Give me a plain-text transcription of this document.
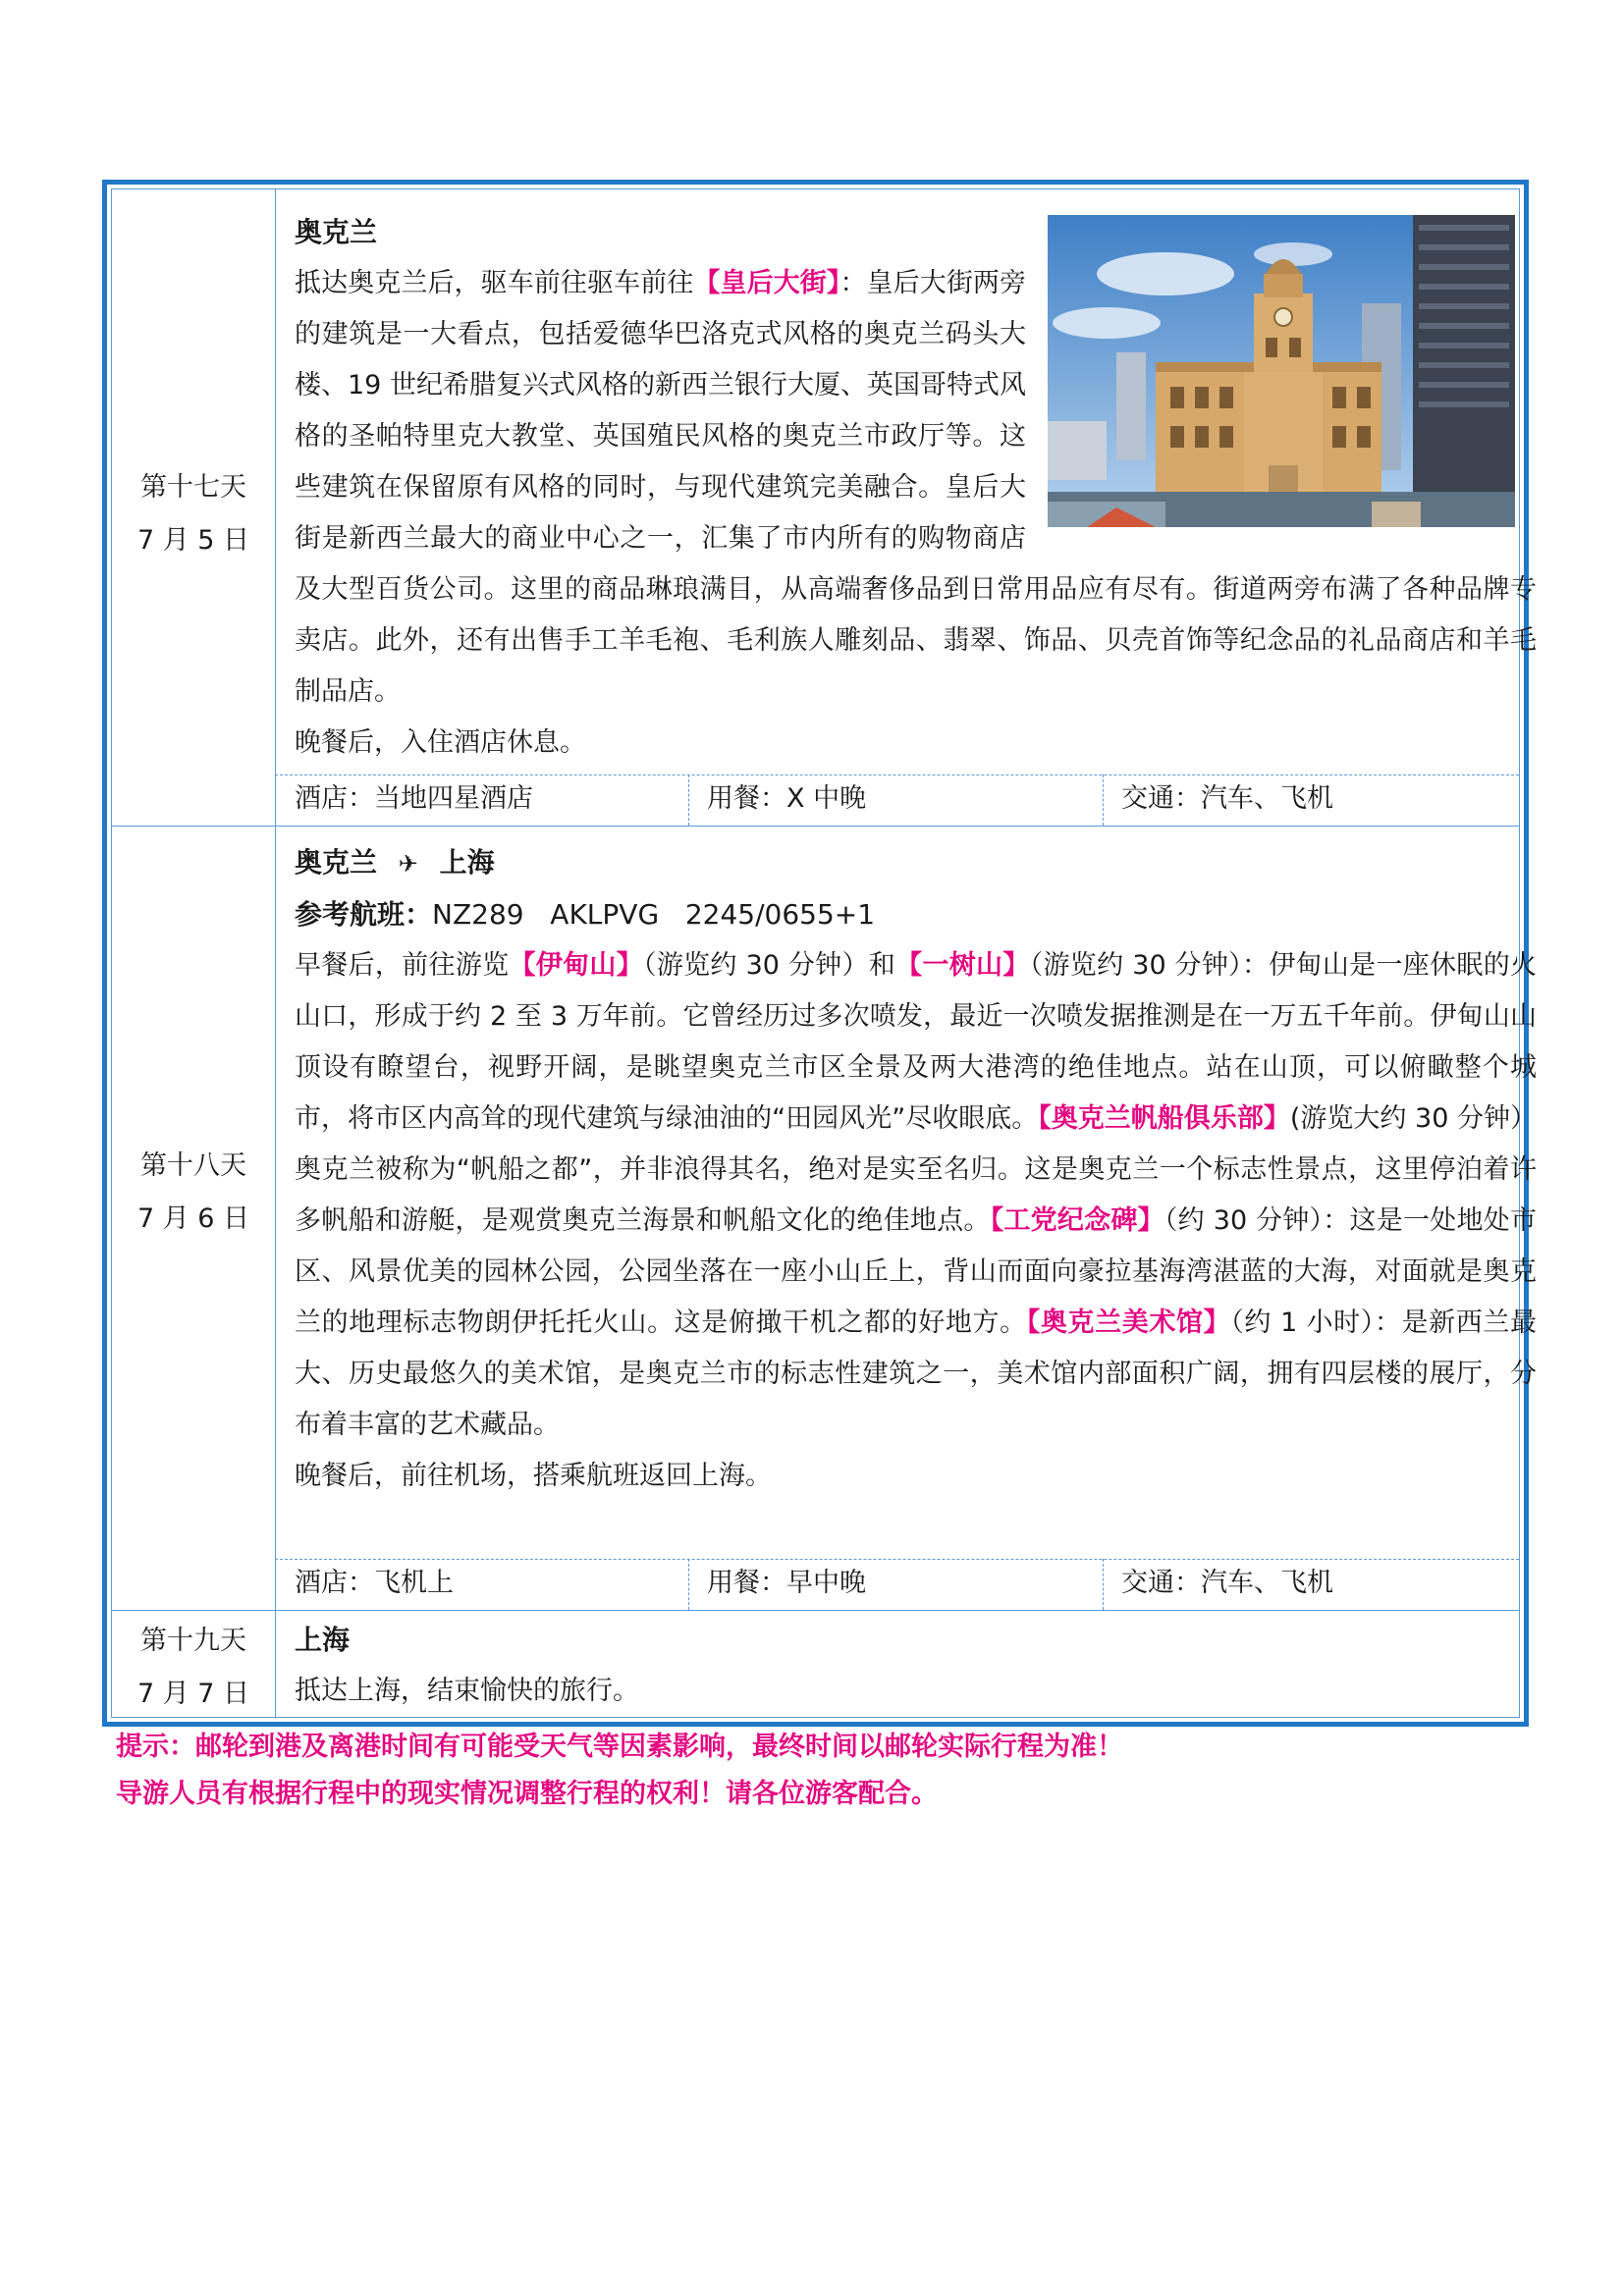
第十七天
7 月 5 日
奥克兰
抵达奥克兰后，驱车前往驱车前往【皇后大街】：皇后大街两旁的建筑是一大看点，包括爱德华巴洛克式风格的奥克兰码头大楼、19 世纪希腊复兴式风格的新西兰银行大厦、英国哥特式风格的圣帕特里克大教堂、英国殖民风格的奥克兰市政厅等。这些建筑在保留原有风格的同时，与现代建筑完美融合。皇后大街是新西兰最大的商业中心之一，汇集了市内所有的购物商店及大型百货公司。这里的商品琳琅满目，从高端奢侈品到日常用品应有尽有。街道两旁布满了各种品牌专卖店。此外，还有出售手工羊毛袍、毛利族人雕刻品、翡翠、饰品、贝壳首饰等纪念品的礼品商店和羊毛制品店。
晚餐后，入住酒店休息。
酒店：当地四星酒店	用餐：X 中晚	交通：汽车、飞机
第十八天
7 月 6 日
奥克兰 ✈ 上海
参考航班：NZ289   AKLPVG   2245/0655+1
早餐后，前往游览【伊甸山】（游览约 30 分钟）和【一树山】（游览约 30 分钟）：伊甸山是一座休眠的火山口，形成于约 2 至 3 万年前。它曾经历过多次喷发，最近一次喷发据推测是在一万五千年前。伊甸山山顶设有瞭望台，视野开阔，是眺望奥克兰市区全景及两大港湾的绝佳地点。站在山顶，可以俯瞰整个城市，将市区内高耸的现代建筑与绿油油的“田园风光”尽收眼底。【奥克兰帆船俱乐部】(游览大约 30 分钟）奥克兰被称为“帆船之都”，并非浪得其名，绝对是实至名归。这是奥克兰一个标志性景点，这里停泊着许多帆船和游艇，是观赏奥克兰海景和帆船文化的绝佳地点。【工党纪念碑】（约 30 分钟）：这是一处地处市区、风景优美的园林公园，公园坐落在一座小山丘上，背山而面向豪拉基海湾湛蓝的大海，对面就是奥克兰的地理标志物朗伊托托火山。这是俯撖干机之都的好地方。【奥克兰美术馆】（约 1 小时）：是新西兰最大、历史最悠久的美术馆，是奥克兰市的标志性建筑之一，美术馆内部面积广阔，拥有四层楼的展厅，分布着丰富的艺术藏品。
晚餐后，前往机场，搭乘航班返回上海。
酒店：飞机上	用餐：早中晚	交通：汽车、飞机
第十九天
7 月 7 日
上海
抵达上海，结束愉快的旅行。
提示：邮轮到港及离港时间有可能受天气等因素影响，最终时间以邮轮实际行程为准！
导游人员有根据行程中的现实情况调整行程的权利！请各位游客配合。
